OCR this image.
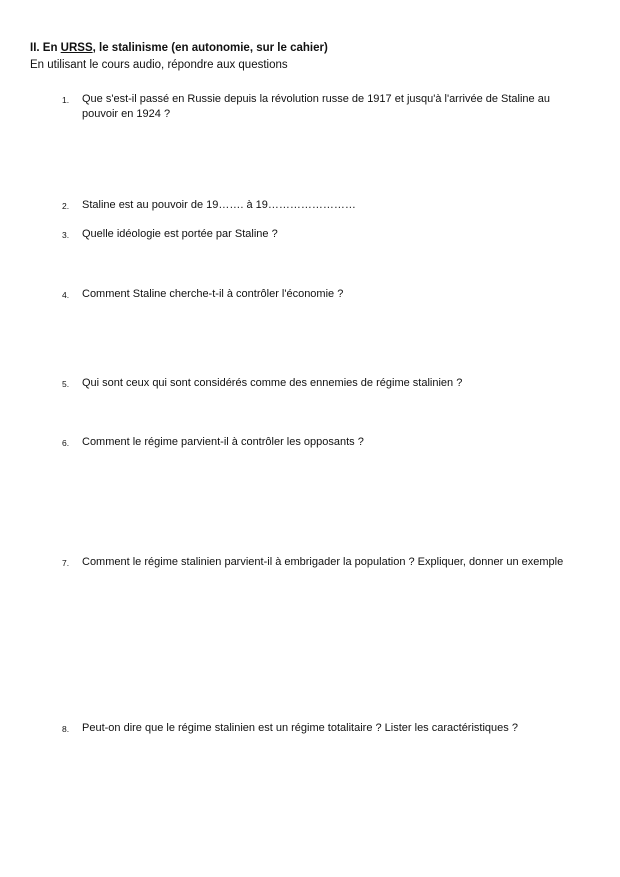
II. En URSS, le stalinisme (en autonomie, sur le cahier)
En utilisant le cours audio, répondre aux questions
1. Que s'est-il passé en Russie depuis la révolution russe de 1917 et jusqu'à l'arrivée de Staline au pouvoir en 1924 ?
2. Staline est au pouvoir de 19……. à 19……………………
3. Quelle idéologie est portée par Staline ?
4. Comment Staline cherche-t-il à contrôler l'économie ?
5. Qui sont ceux qui sont considérés comme des ennemies de régime stalinien ?
6. Comment le régime parvient-il à contrôler les opposants ?
7. Comment le régime stalinien parvient-il à embrigader la population ? Expliquer, donner un exemple
8. Peut-on dire que le régime stalinien est un régime totalitaire ? Lister les caractéristiques ?
